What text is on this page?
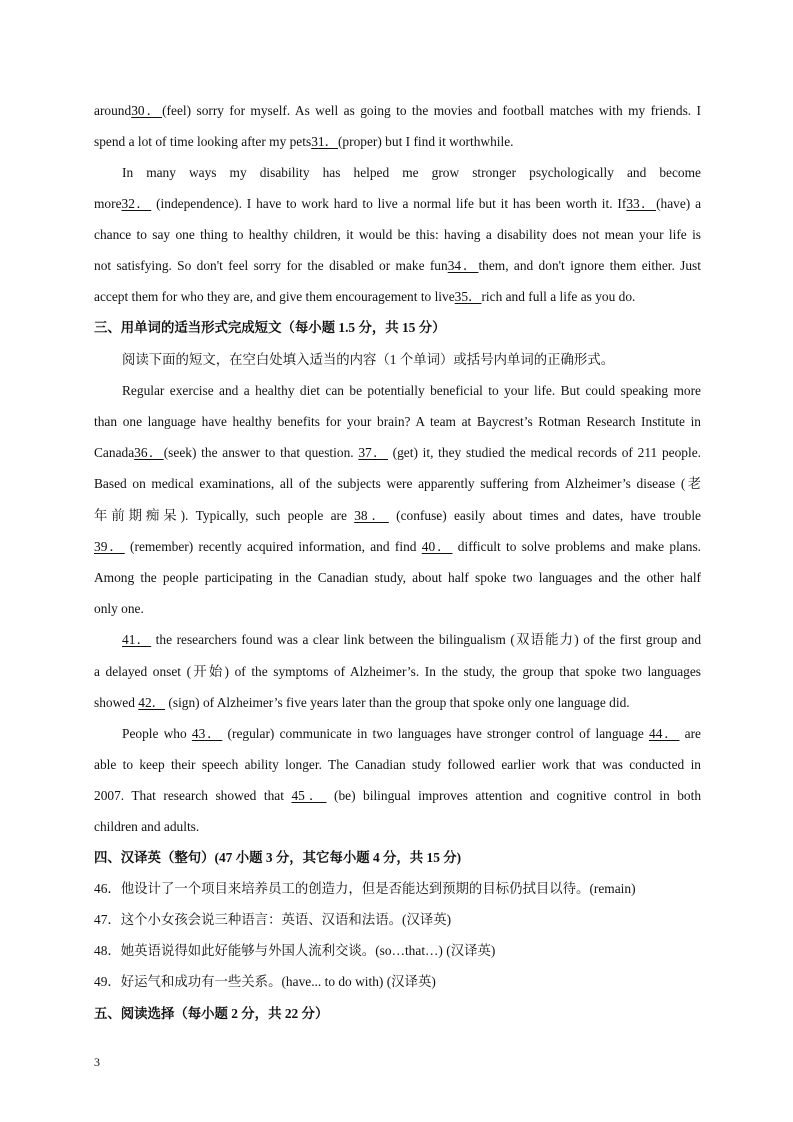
around30．(feel) sorry for myself. As well as going to the movies and football matches with my friends. I
spend a lot of time looking after my pets31．(proper) but I find it worthwhile.
In many ways my disability has helped me grow stronger psychologically and become
more32． (independence). I have to work hard to live a normal life but it has been worth it. If33．(have) a
chance to say one thing to healthy children, it would be this: having a disability does not mean your life is
not satisfying. So don't feel sorry for the disabled or make fun34．them, and don't ignore them either. Just
accept them for who they are, and give them encouragement to live35．rich and full a life as you do.
三、用单词的适当形式完成短文（每小题 1.5 分，共 15 分）
阅读下面的短文，在空白处填入适当的内容（1 个单词）或括号内单词的正确形式。
Regular exercise and a healthy diet can be potentially beneficial to your life. But could speaking more
than one language have healthy benefits for your brain? A team at Baycrest’s Rotman Research Institute in
Canada36．(seek) the answer to that question. 37． (get) it, they studied the medical records of 211 people.
Based on medical examinations, all of the subjects were apparently suffering from Alzheimer’s disease (老
年前期痴呆). Typically, such people are 38． (confuse) easily about times and dates, have trouble
39． (remember) recently acquired information, and find 40． difficult to solve problems and make plans.
Among the people participating in the Canadian study, about half spoke two languages and the other half
only one.
41． the researchers found was a clear link between the bilingualism (双语能力) of the first group and
a delayed onset (开始) of the symptoms of Alzheimer’s. In the study, the group that spoke two languages
showed 42． (sign) of Alzheimer’s five years later than the group that spoke only one language did.
People who 43． (regular) communicate in two languages have stronger control of language 44． are
able to keep their speech ability longer. The Canadian study followed earlier work that was conducted in
2007. That research showed that 45． (be) bilingual improves attention and cognitive control in both
children and adults.
四、汉译英（整句）(47 小题 3 分，其它每小题 4 分，共 15 分)
46．他设计了一个项目来培养员工的创造力，但是否能达到预期的目标仍拭目以待。(remain)
47．这个小女孩会说三种语言：英语、汉语和法语。(汉译英)
48．她英语说得如此好能够与外国人流利交谈。(so…that…) (汉译英)
49．好运气和成功有一些关系。(have... to do with) (汉译英)
五、阅读选择（每小题 2 分，共 22 分）
3
